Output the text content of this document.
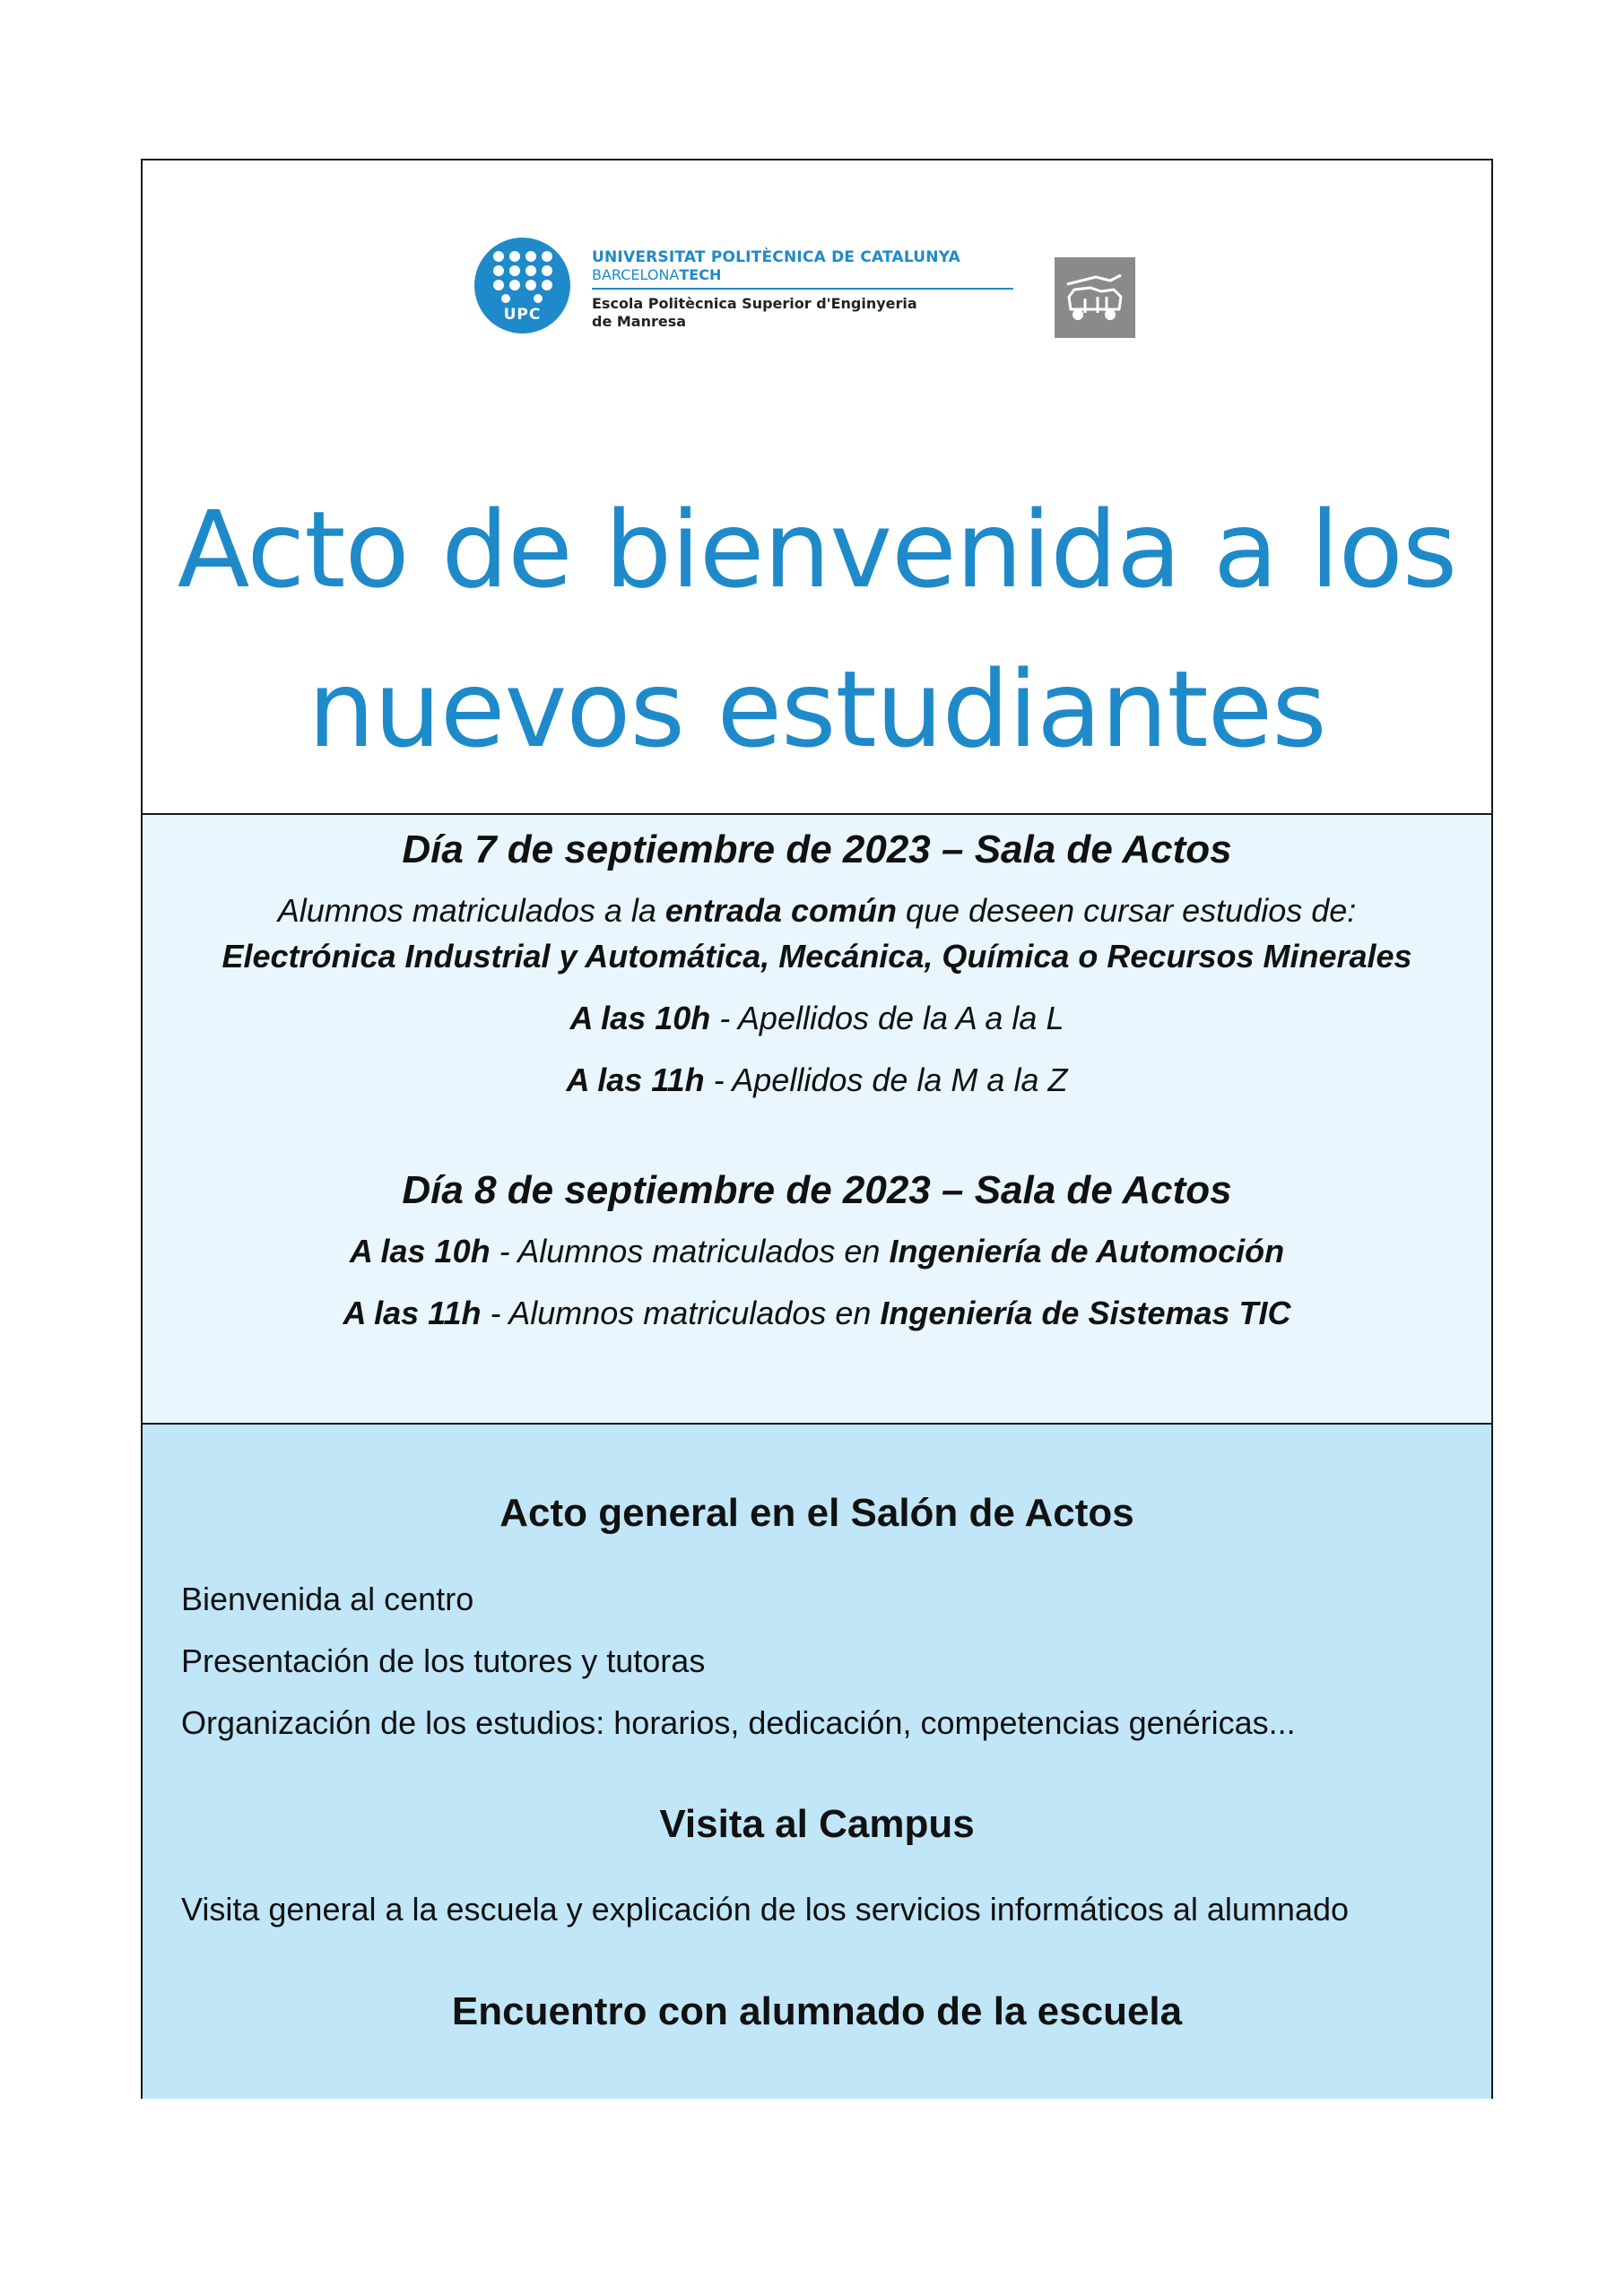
UPC
UNIVERSITAT POLITÈCNICA DE CATALUNYA
BARCELONATECH
Escola Politècnica Superior d'Enginyeria
de Manresa
Acto de bienvenida a los
nuevos estudiantes
Día 7 de septiembre de 2023 – Sala de Actos
Alumnos matriculados a la entrada común que deseen cursar estudios de:
Electrónica Industrial y Automática, Mecánica, Química o Recursos Minerales
A las 10h - Apellidos de la A a la L
A las 11h - Apellidos de la M a la Z
Día 8 de septiembre de 2023 – Sala de Actos
A las 10h - Alumnos matriculados en Ingeniería de Automoción
A las 11h - Alumnos matriculados en Ingeniería de Sistemas TIC
Acto general en el Salón de Actos
Bienvenida al centro
Presentación de los tutores y tutoras
Organización de los estudios: horarios, dedicación, competencias genéricas...
Visita al Campus
Visita general a la escuela y explicación de los servicios informáticos al alumnado
Encuentro con alumnado de la escuela
